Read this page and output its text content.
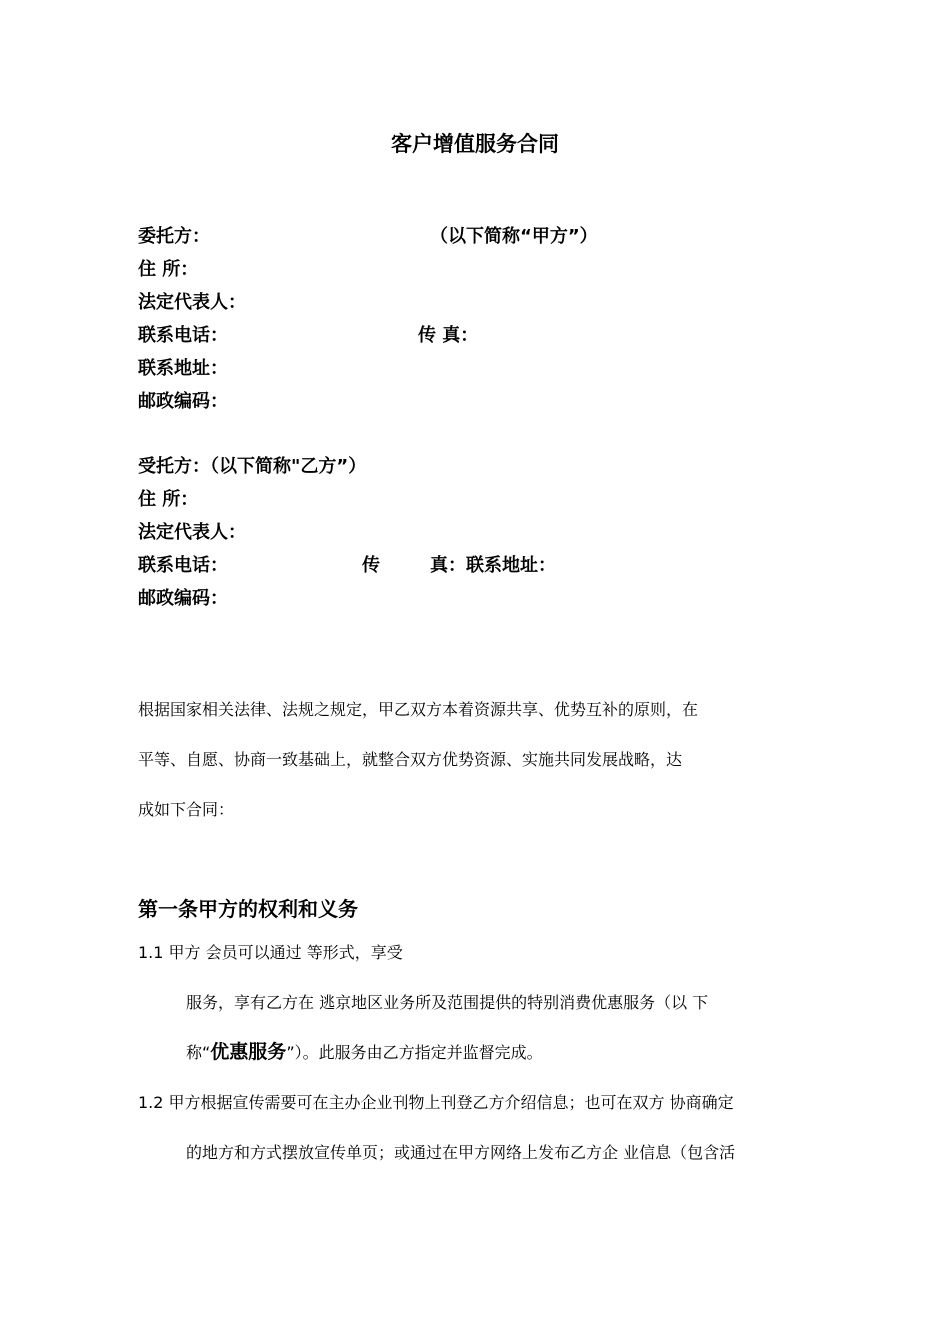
客户增值服务合同
委托方：	（以下简称“甲方”）
住 所：
法定代表人：
联系电话：	传 真：
联系地址：
邮政编码：
受托方：（以下简称"乙方”）
住 所：
法定代表人：
联系电话：	传	真：联系地址：
邮政编码：
根据国家相关法律、法规之规定，甲乙双方本着资源共享、优势互补的原则，在
平等、自愿、协商一致基础上，就整合双方优势资源、实施共同发展战略，达
成如下合同：
第一条甲方的权利和义务
1.1 甲方 会员可以通过 等形式，享受
服务，享有乙方在 逃京地区业务所及范围提供的特别消费优惠服务（以 下
称“优惠服务”）。此服务由乙方指定并监督完成。
1.2 甲方根据宣传需要可在主办企业刊物上刊登乙方介绍信息；也可在双方 协商确定
的地方和方式摆放宣传单页；或通过在甲方网络上发布乙方企 业信息（包含活
